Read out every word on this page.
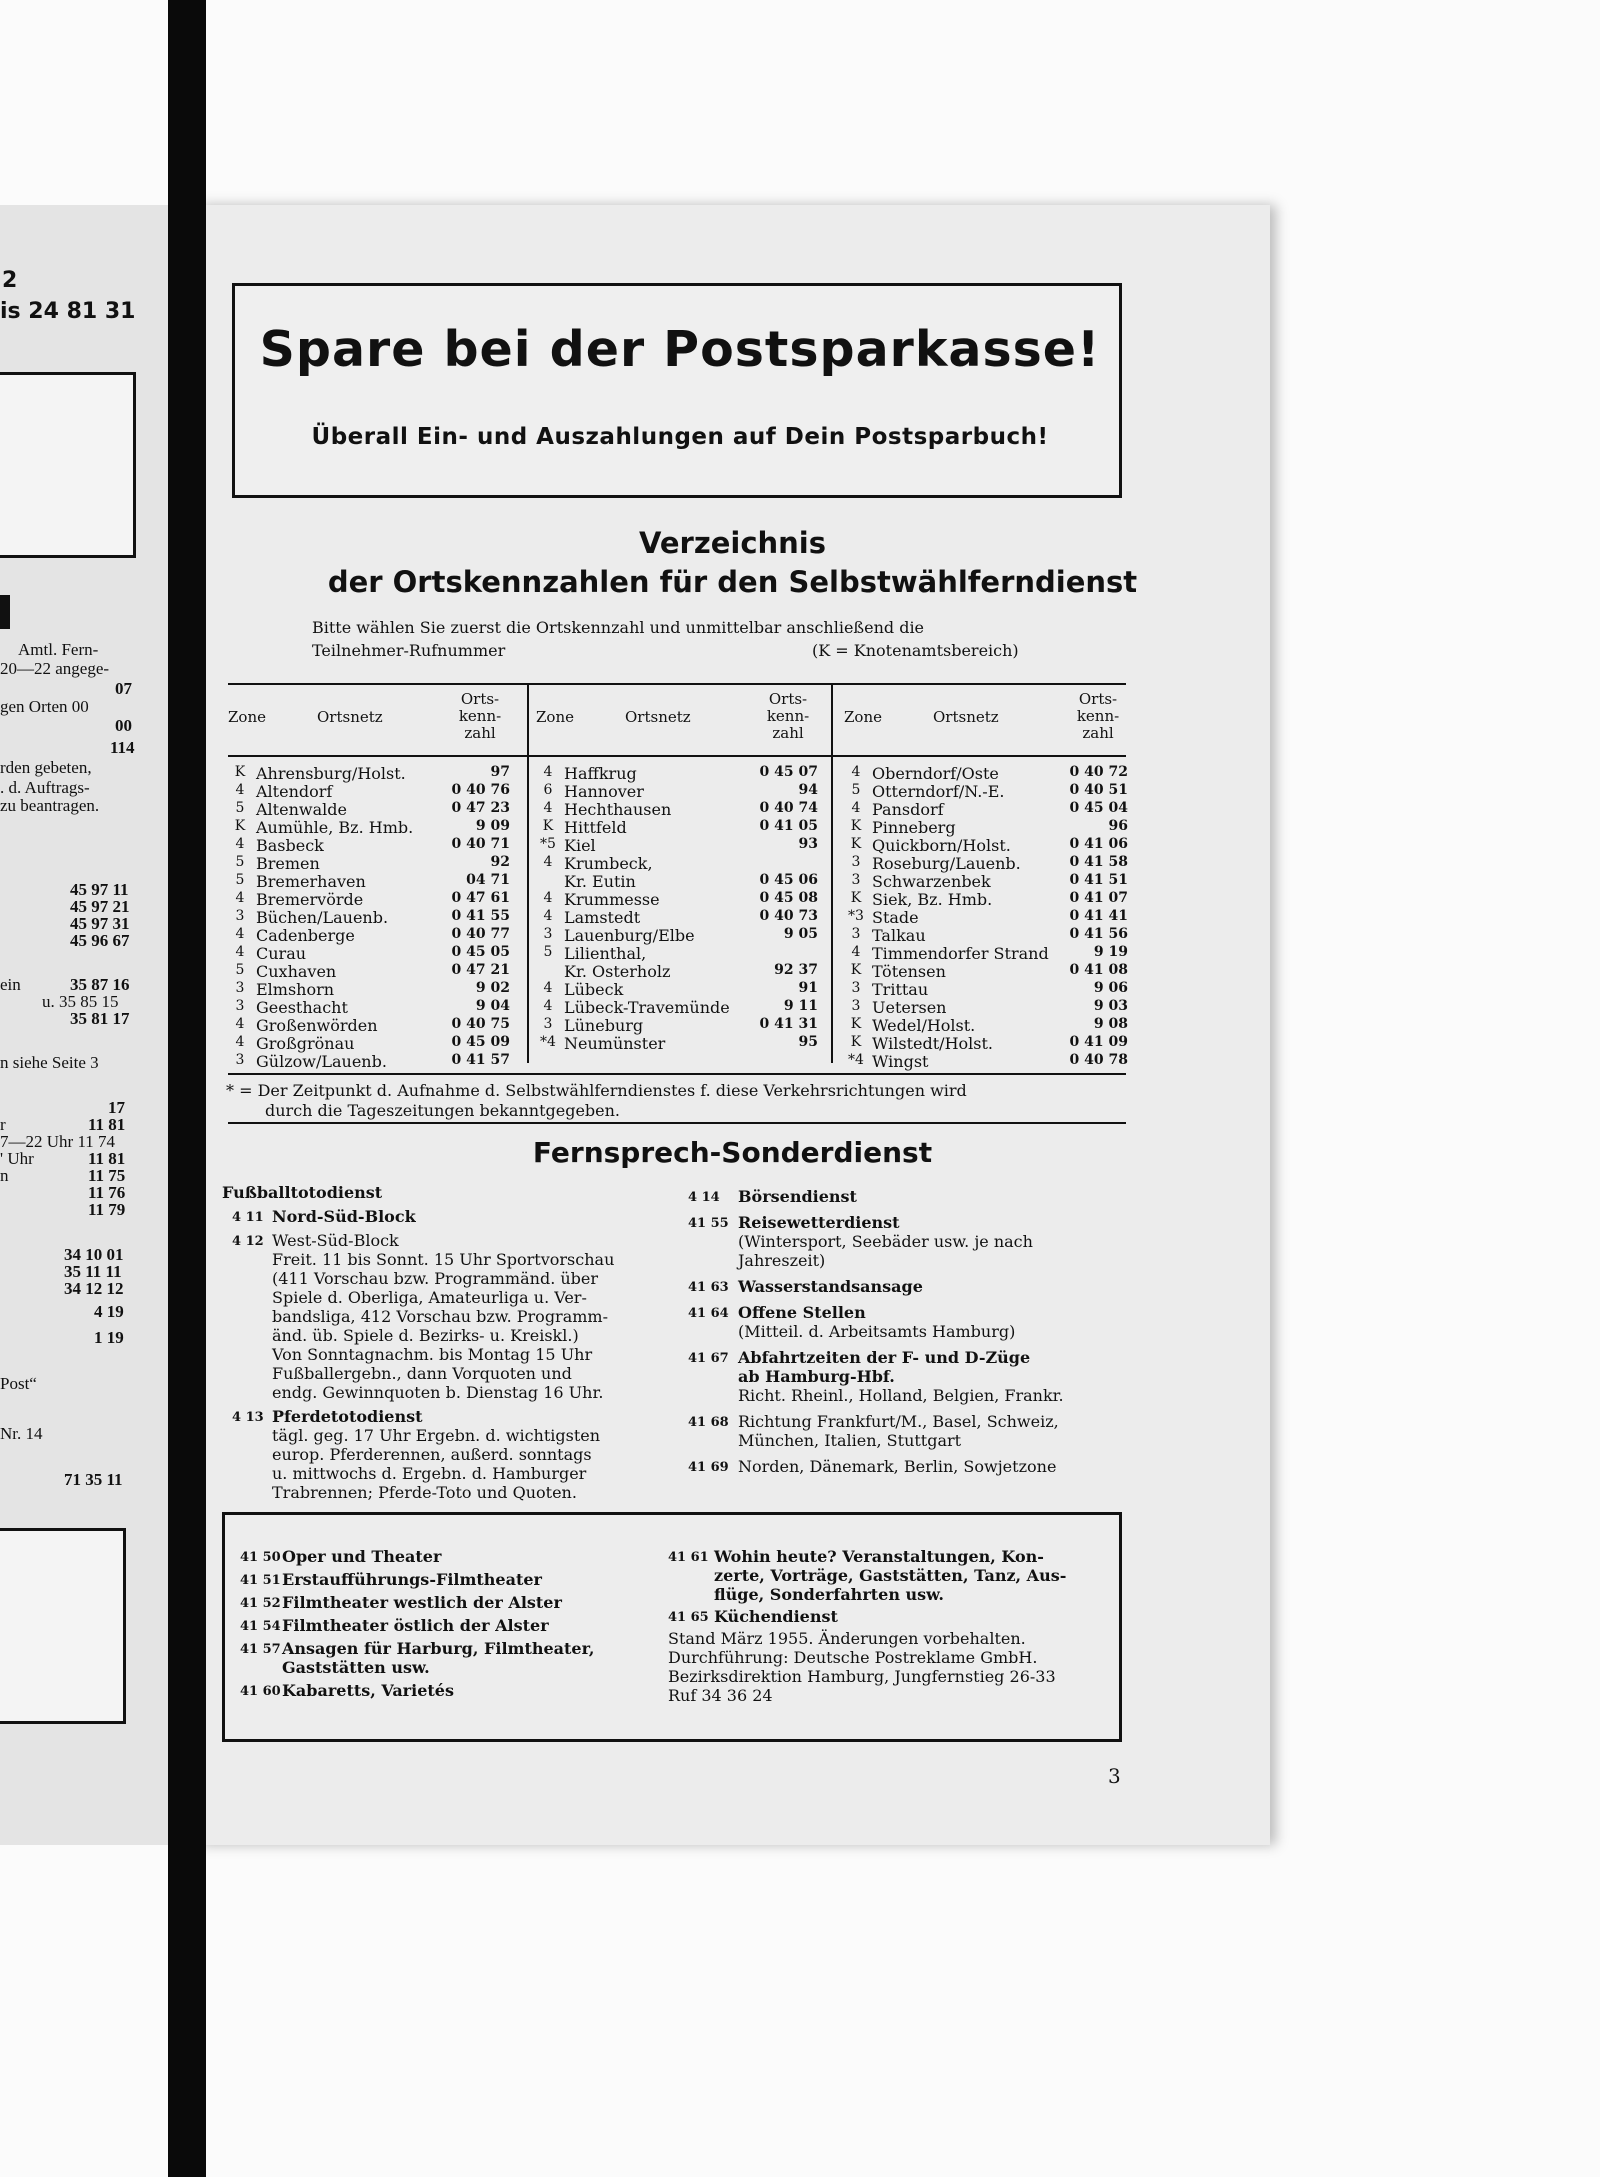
Spare bei der Postsparkasse!
Überall Ein- und Auszahlungen auf Dein Postsparbuch!
Verzeichnis
der Ortskennzahlen für den Selbstwählferndienst
Bitte wählen Sie zuerst die Ortskennzahl und unmittelbar anschließend die
Teilnehmer-Rufnummer	(K = Knotenamtsbereich)
* = Der Zeitpunkt d. Aufnahme d. Selbstwählferndienstes f. diese Verkehrsrichtungen wird
durch die Tageszeitungen bekanntgegeben.
Fernsprech-Sonderdienst
Fußballtotodienst
3
2
is 24 81 31
Amtl. Fern-
20—22 angege-
07
gen Orten 00
00
114
rden gebeten,
. d. Auftrags-
zu beantragen.
45 97 11
45 97 21
45 97 31
45 96 67
ein	35 87 16
u. 35 85 15
35 81 17
n siehe Seite 3
17
r	11 81
7—22 Uhr 11 74
' Uhr	11 81
n	11 75
11 76
11 79
34 10 01
35 11 11
34 12 12
4 19
1 19
Post“
Nr. 14
71 35 11
Zone	Ortsnetz
Orts-
kenn-
zahl
K Ahrensburg/Holst.	97
4 Altendorf	0 40 76
5 Altenwalde	0 47 23
K Aumühle, Bz. Hmb.	9 09
4 Basbeck	0 40 71
5 Bremen	92
5 Bremerhaven	04 71
4 Bremervörde	0 47 61
3 Büchen/Lauenb.	0 41 55
4 Cadenberge	0 40 77
4 Curau	0 45 05
5 Cuxhaven	0 47 21
3 Elmshorn	9 02
3 Geesthacht	9 04
4 Großenwörden	0 40 75
4 Großgrönau	0 45 09
3 Gülzow/Lauenb.	0 41 57
Zone	Ortsnetz
Orts-
kenn-
zahl
4 Haffkrug	0 45 07
6 Hannover	94
4 Hechthausen	0 40 74
K Hittfeld	0 41 05
*5 Kiel	93
4 Krumbeck,
Kr. Eutin	0 45 06
4 Krummesse	0 45 08
4 Lamstedt	0 40 73
3 Lauenburg/Elbe	9 05
5 Lilienthal,
Kr. Osterholz	92 37
4 Lübeck	91
4 Lübeck-Travemünde	9 11
3 Lüneburg	0 41 31
*4 Neumünster	95
Zone	Ortsnetz
Orts-
kenn-
zahl
4 Oberndorf/Oste	0 40 72
5 Otterndorf/N.-E.	0 40 51
4 Pansdorf	0 45 04
K Pinneberg	96
K Quickborn/Holst.	0 41 06
3 Roseburg/Lauenb.	0 41 58
3 Schwarzenbek	0 41 51
K Siek, Bz. Hmb.	0 41 07
*3 Stade	0 41 41
3 Talkau	0 41 56
4 Timmendorfer Strand	9 19
K Tötensen	0 41 08
3 Trittau	9 06
3 Uetersen	9 03
K Wedel/Holst.	9 08
K Wilstedt/Holst.	0 41 09
*4 Wingst	0 40 78
4 11 Nord-Süd-Block
4 12 West-Süd-Block
Freit. 11 bis Sonnt. 15 Uhr Sportvorschau
(411 Vorschau bzw. Programmänd. über
Spiele d. Oberliga, Amateurliga u. Ver-
bandsliga, 412 Vorschau bzw. Programm-
änd. üb. Spiele d. Bezirks- u. Kreiskl.)
Von Sonntagnachm. bis Montag 15 Uhr
Fußballergebn., dann Vorquoten und
endg. Gewinnquoten b. Dienstag 16 Uhr.
4 13 Pferdetotodienst
tägl. geg. 17 Uhr Ergebn. d. wichtigsten
europ. Pferderennen, außerd. sonntags
u. mittwochs d. Ergebn. d. Hamburger
Trabrennen; Pferde-Toto und Quoten.
4 14 Börsendienst
41 55 Reisewetterdienst
(Wintersport, Seebäder usw. je nach
Jahreszeit)
41 63 Wasserstandsansage
41 64 Offene Stellen
(Mitteil. d. Arbeitsamts Hamburg)
41 67 Abfahrtzeiten der F- und D-Züge
ab Hamburg-Hbf.
Richt. Rheinl., Holland, Belgien, Frankr.
41 68 Richtung Frankfurt/M., Basel, Schweiz,
München, Italien, Stuttgart
41 69 Norden, Dänemark, Berlin, Sowjetzone
41 50 Oper und Theater
41 51 Erstaufführungs-Filmtheater
41 52 Filmtheater westlich der Alster
41 54 Filmtheater östlich der Alster
41 57 Ansagen für Harburg, Filmtheater,
Gaststätten usw.
41 60 Kabaretts, Varietés
41 61 Wohin heute? Veranstaltungen, Kon-
zerte, Vorträge, Gaststätten, Tanz, Aus-
flüge, Sonderfahrten usw.
41 65 Küchendienst
Stand März 1955. Änderungen vorbehalten.
Durchführung: Deutsche Postreklame GmbH.
Bezirksdirektion Hamburg, Jungfernstieg 26-33
Ruf 34 36 24
